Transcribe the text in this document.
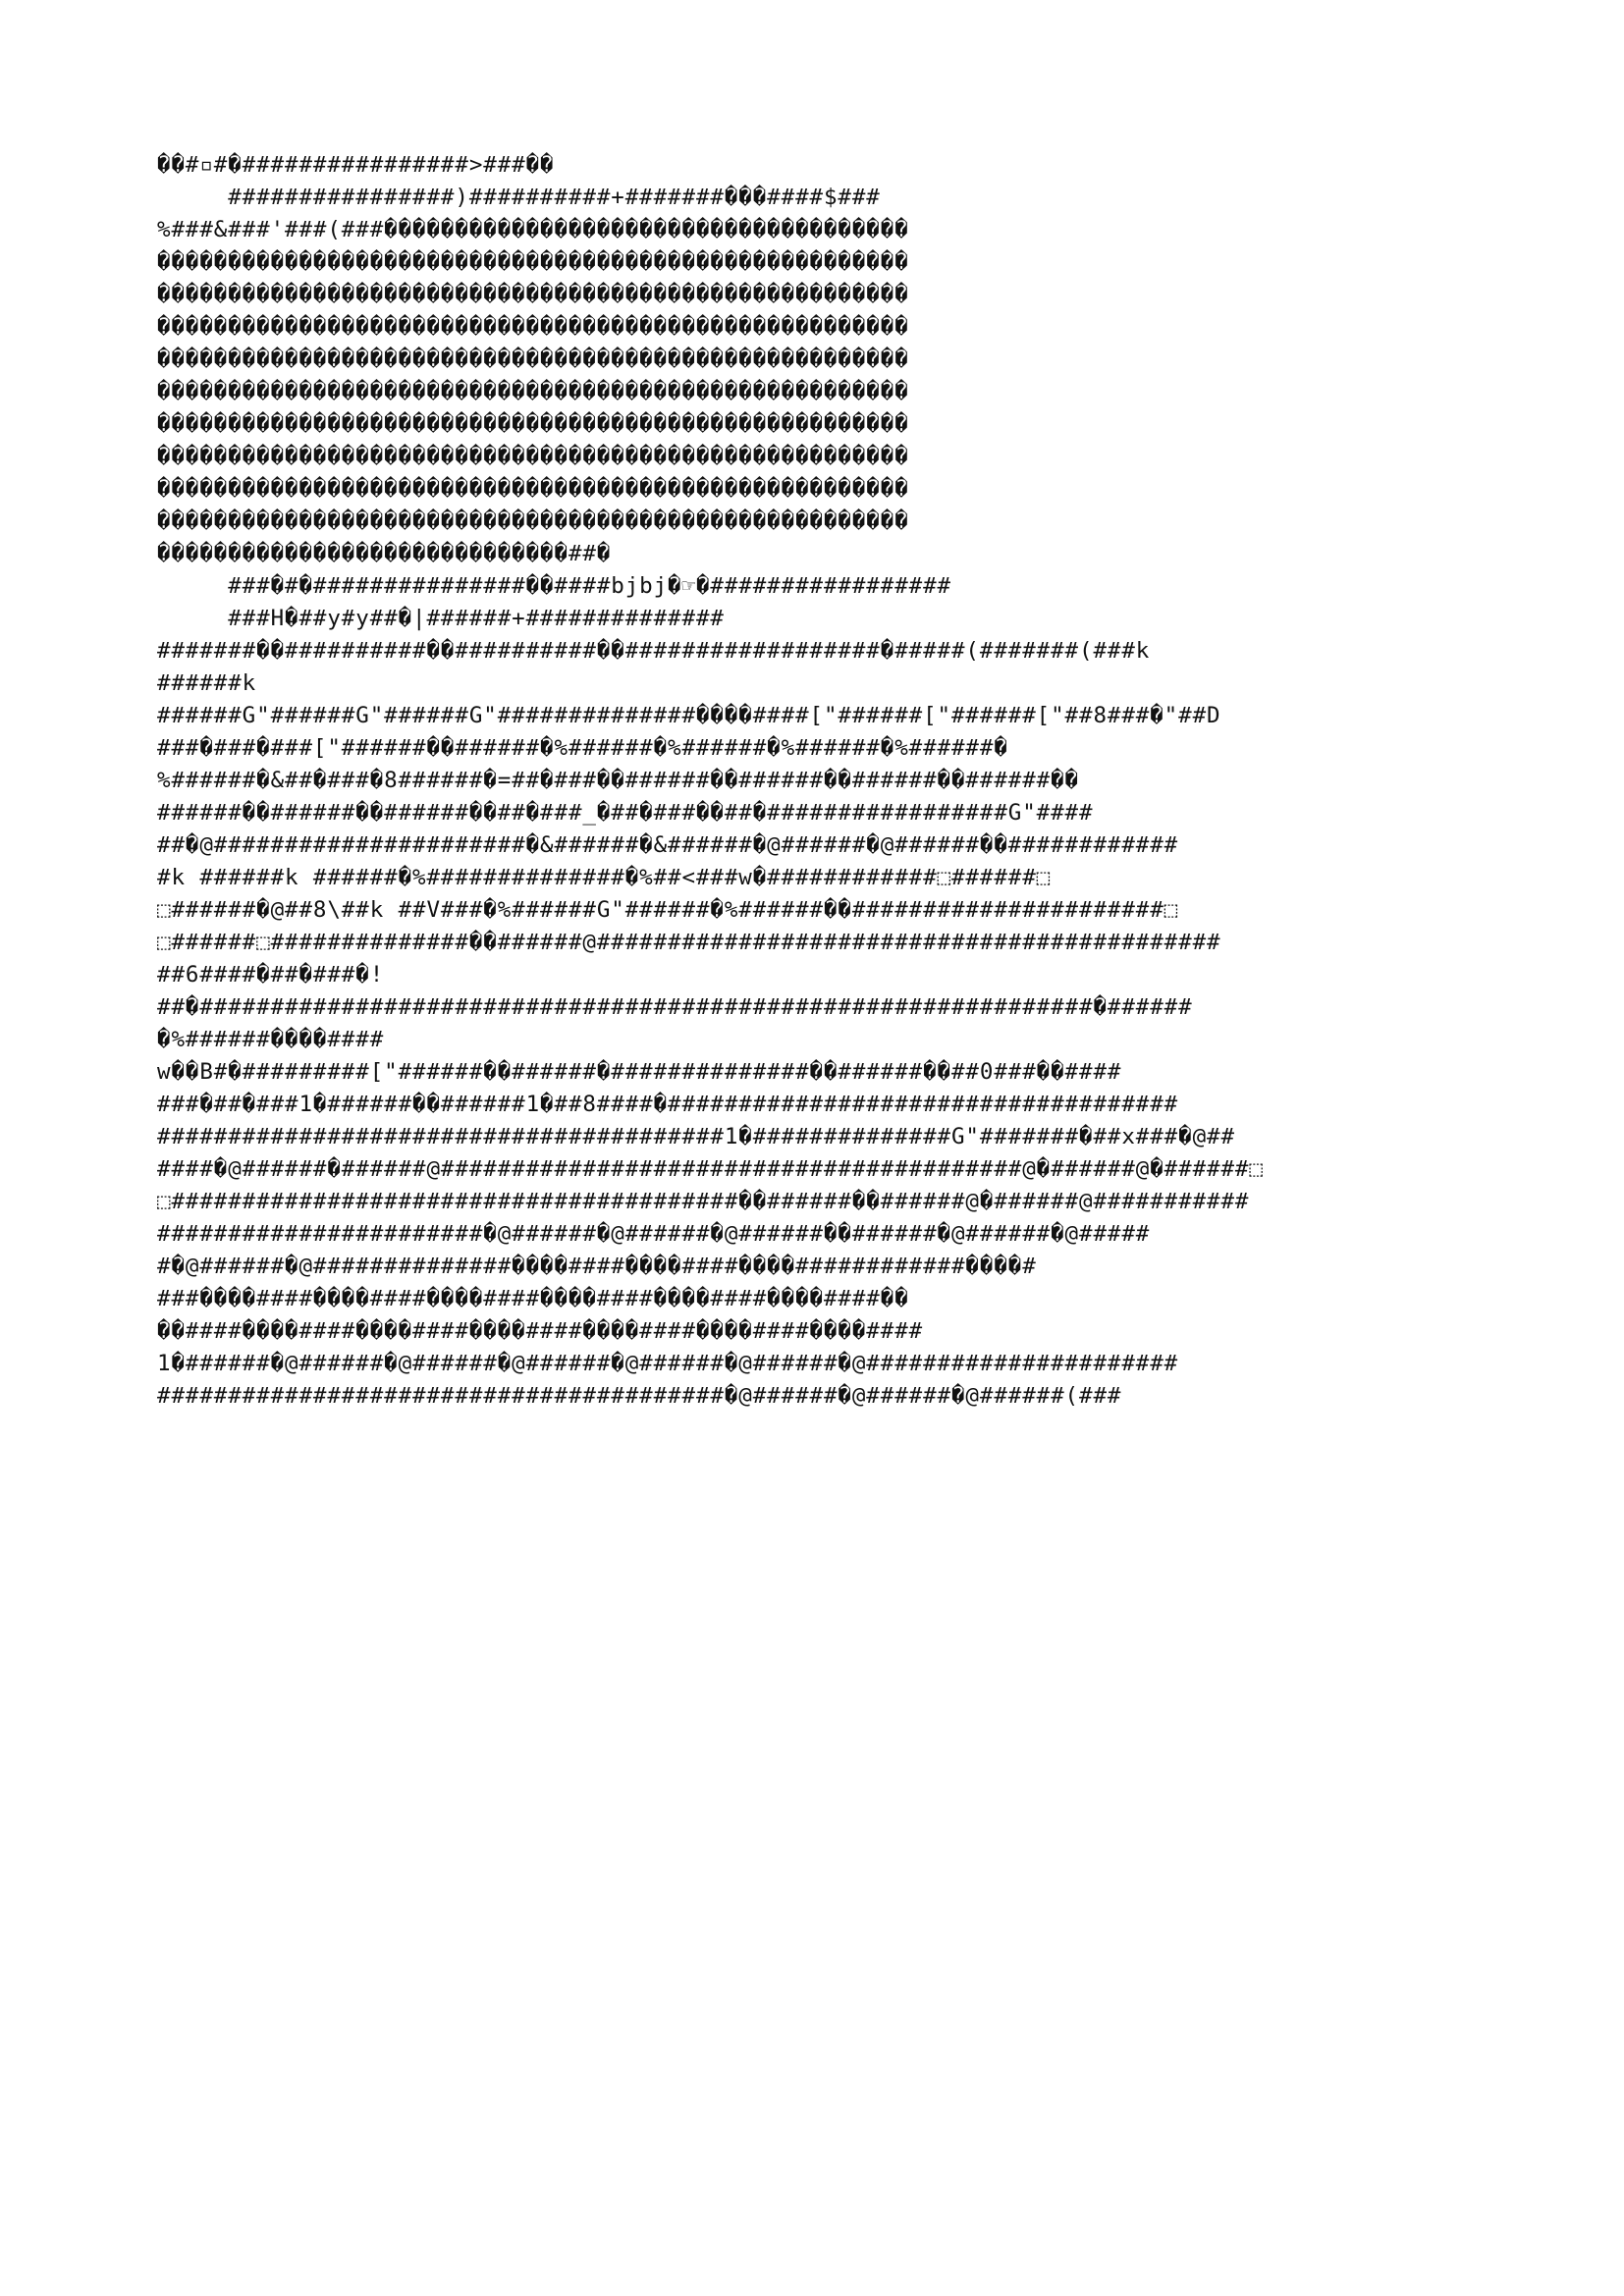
��#▫#�################>###��
################)##########+#######���####$###
%###&###'###(###�������������������������������������
�����������������������������������������������������
�����������������������������������������������������
�����������������������������������������������������
�����������������������������������������������������
�����������������������������������������������������
�����������������������������������������������������
�����������������������������������������������������
�����������������������������������������������������
�����������������������������������������������������
�����������������������������##�
###�#�###############��####bjbj�☞�#################
###H�##y#y##�|######+##############
#######��##########��##########��##################�#####(#######(###k
######k
######G"######G"######G"##############����####["######["######["##8###�"##D
###�###�###["######��######�%######�%######�%######�%######�
%######�&##�###�8######�=##�###��######��######��######��######��
######��######��######��##�###_�##�###��##�#################G"####
##�@######################�&######�&######�@######�@######��############
#k ######k ######�%##############�%##<###w�############⬚######⬚
⬚######�@##8\##k ##V###�%######G"######�%######��######################⬚
⬚######⬚##############��######@############################################
##6####�##�###�!
##�###############################################################�######
�%######����####
w��B#�#########["######��######�##############��######��##0###��####
###�##�###1�######��######1�##8####�####################################
########################################1�##############G"#######�##x###�@##
####�@######�######@#########################################@�######@�######⬚
⬚########################################��######��######@�######@###########
#######################�@######�@######�@######��######�@######�@#####
#�@######�@##############����####����####����############����#
###����####����####����####����####����####����####��
��####����####����####����####����####����####����####
1�######�@######�@######�@######�@######�@######�@######################
########################################�@######�@######�@######(###
